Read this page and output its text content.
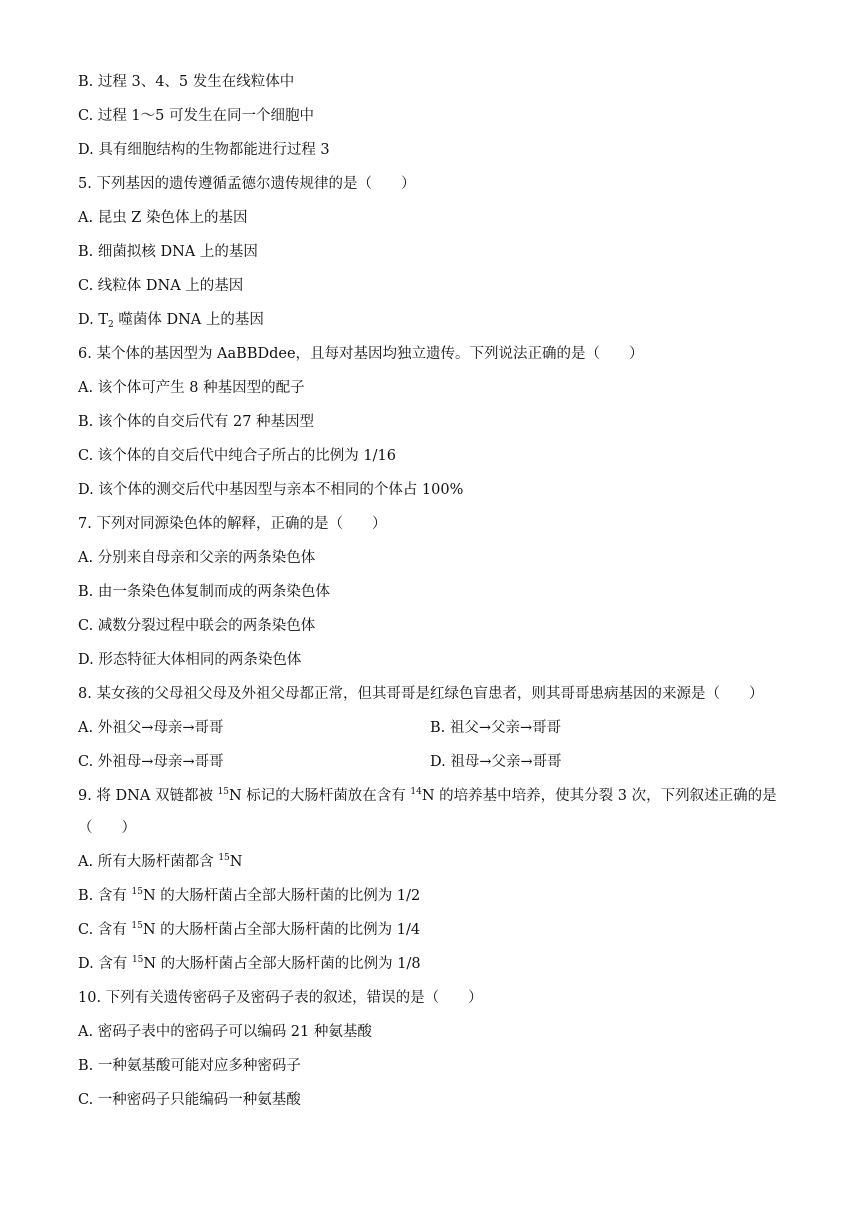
B. 过程 3、4、5 发生在线粒体中
C. 过程 1～5 可发生在同一个细胞中
D. 具有细胞结构的生物都能进行过程 3
5. 下列基因的遗传遵循孟德尔遗传规律的是（　　）
A. 昆虫 Z 染色体上的基因
B. 细菌拟核 DNA 上的基因
C. 线粒体 DNA 上的基因
D. $T_2$ 噬菌体 DNA 上的基因
6. 某个体的基因型为 AaBBDdee，且每对基因均独立遗传。下列说法正确的是（　　）
A. 该个体可产生 8 种基因型的配子
B. 该个体的自交后代有 27 种基因型
C. 该个体的自交后代中纯合子所占的比例为 1/16
D. 该个体的测交后代中基因型与亲本不相同的个体占 100%
7. 下列对同源染色体的解释，正确的是（　　）
A. 分别来自母亲和父亲的两条染色体
B. 由一条染色体复制而成的两条染色体
C. 减数分裂过程中联会的两条染色体
D. 形态特征大体相同的两条染色体
8. 某女孩的父母祖父母及外祖父母都正常，但其哥哥是红绿色盲患者，则其哥哥患病基因的来源是（　　）
A. 外祖父→母亲→哥哥	B. 祖父→父亲→哥哥
C. 外祖母→母亲→哥哥	D. 祖母→父亲→哥哥
9. 将 DNA 双链都被 $^{15}$N 标记的大肠杆菌放在含有 $^{14}$N 的培养基中培养，使其分裂 3 次，下列叙述正确的是
（　　）
A. 所有大肠杆菌都含 $^{15}$N
B. 含有 $^{15}$N 的大肠杆菌占全部大肠杆菌的比例为 1/2
C. 含有 $^{15}$N 的大肠杆菌占全部大肠杆菌的比例为 1/4
D. 含有 $^{15}$N 的大肠杆菌占全部大肠杆菌的比例为 1/8
10. 下列有关遗传密码子及密码子表的叙述，错误的是（　　）
A. 密码子表中的密码子可以编码 21 种氨基酸
B. 一种氨基酸可能对应多种密码子
C. 一种密码子只能编码一种氨基酸
